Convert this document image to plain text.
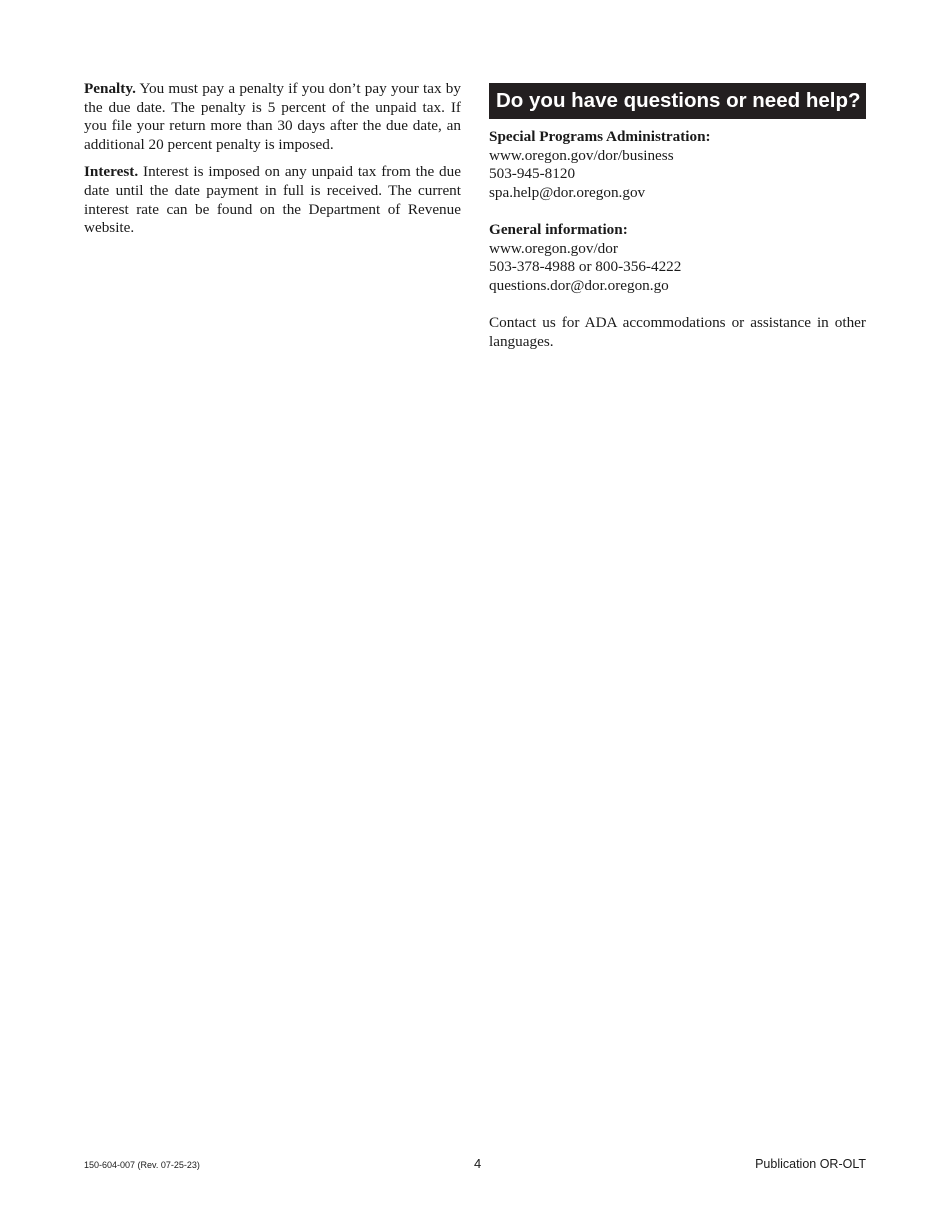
Penalty. You must pay a penalty if you don’t pay your tax by the due date. The penalty is 5 percent of the unpaid tax. If you file your return more than 30 days after the due date, an additional 20 percent penalty is imposed.

Interest. Interest is imposed on any unpaid tax from the due date until the date payment in full is received. The current interest rate can be found on the Department of Revenue website.

Do you have questions or need help?
Special Programs Administration:
www.oregon.gov/dor/business
503-945-8120
spa.help@dor.oregon.gov
General information:
www.oregon.gov/dor
503-378-4988 or 800-356-4222
questions.dor@dor.oregon.go

Contact us for ADA accommodations or assistance in other languages.

150-604-007 (Rev. 07-25-23)	4	Publication OR-OLT
